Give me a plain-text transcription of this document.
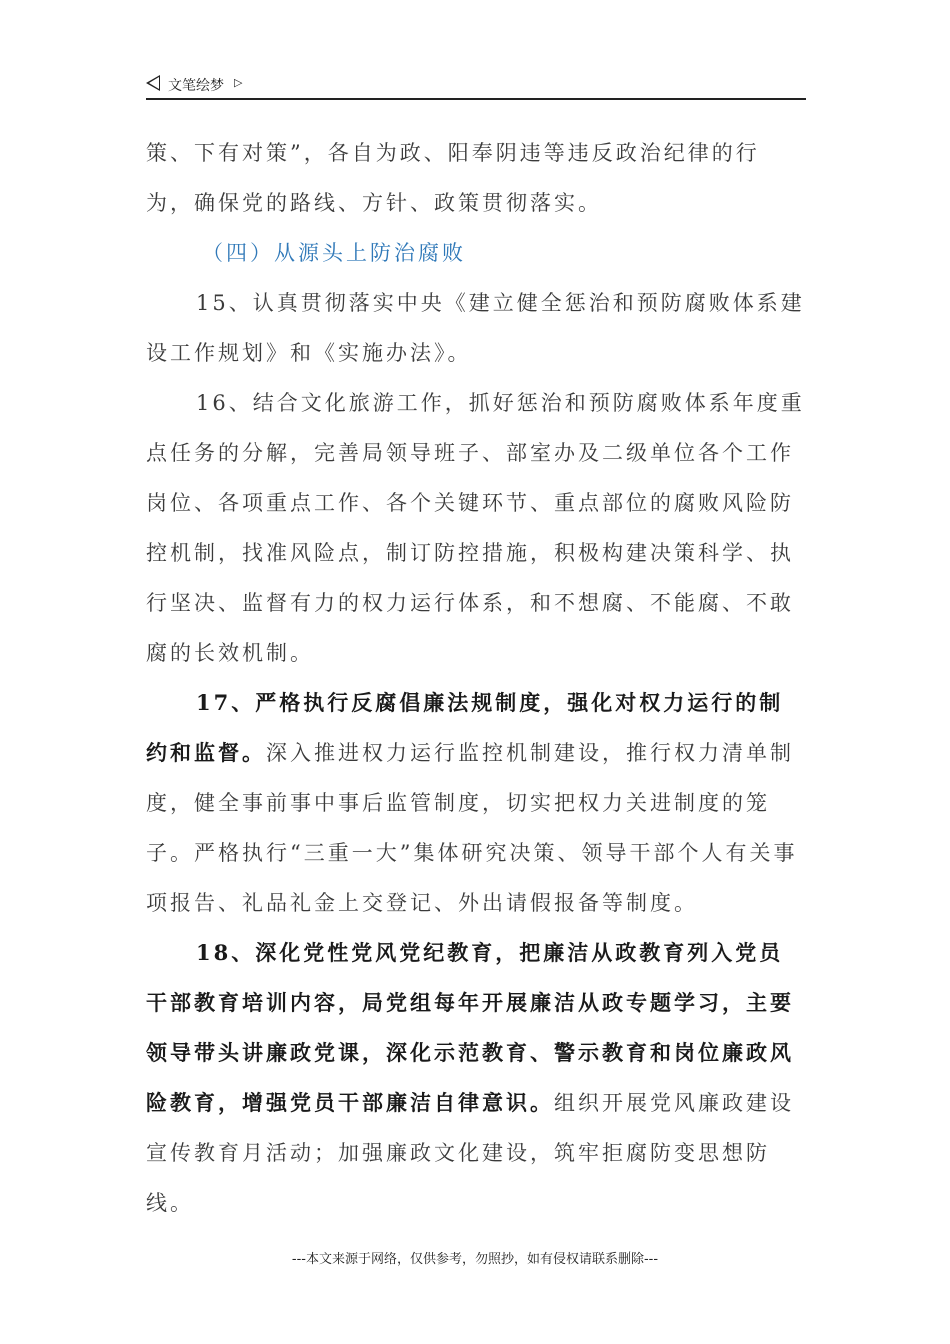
文笔绘梦 ▷

策、下有对策”，各自为政、阳奉阴违等违反政治纪律的行为，确保党的路线、方针、政策贯彻落实。

（四）从源头上防治腐败

15、认真贯彻落实中央《建立健全惩治和预防腐败体系建设工作规划》和《实施办法》。

16、结合文化旅游工作，抓好惩治和预防腐败体系年度重点任务的分解，完善局领导班子、部室办及二级单位各个工作岗位、各项重点工作、各个关键环节、重点部位的腐败风险防控机制，找准风险点，制订防控措施，积极构建决策科学、执行坚决、监督有力的权力运行体系，和不想腐、不能腐、不敢腐的长效机制。

17、严格执行反腐倡廉法规制度，强化对权力运行的制约和监督。深入推进权力运行监控机制建设，推行权力清单制度，健全事前事中事后监管制度，切实把权力关进制度的笼子。严格执行“三重一大”集体研究决策、领导干部个人有关事项报告、礼品礼金上交登记、外出请假报备等制度。

18、深化党性党风党纪教育，把廉洁从政教育列入党员干部教育培训内容，局党组每年开展廉洁从政专题学习，主要领导带头讲廉政党课，深化示范教育、警示教育和岗位廉政风险教育，增强党员干部廉洁自律意识。组织开展党风廉政建设宣传教育月活动；加强廉政文化建设，筑牢拒腐防变思想防线。

---本文来源于网络，仅供参考，勿照抄，如有侵权请联系删除---
